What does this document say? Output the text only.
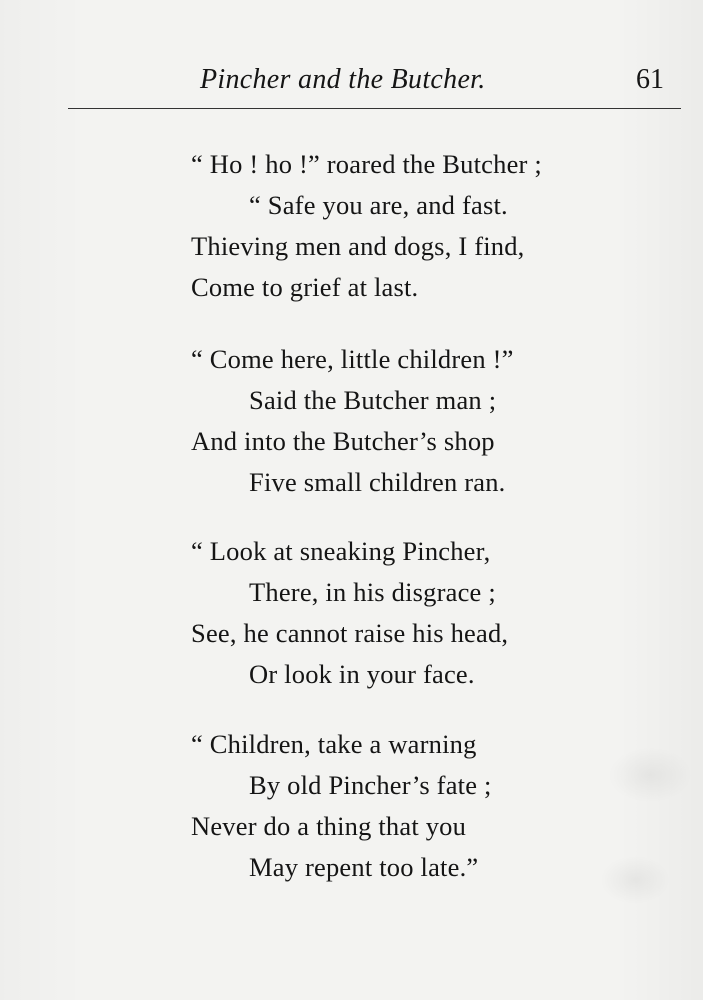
Pincher and the Butcher.	61
“ Ho ! ho !” roared the Butcher ;
“ Safe you are, and fast.
Thieving men and dogs, I find,
Come to grief at last.
“ Come here, little children !”
Said the Butcher man ;
And into the Butcher’s shop
Five small children ran.
“ Look at sneaking Pincher,
There, in his disgrace ;
See, he cannot raise his head,
Or look in your face.
“ Children, take a warning
By old Pincher’s fate ;
Never do a thing that you
May repent too late.”
